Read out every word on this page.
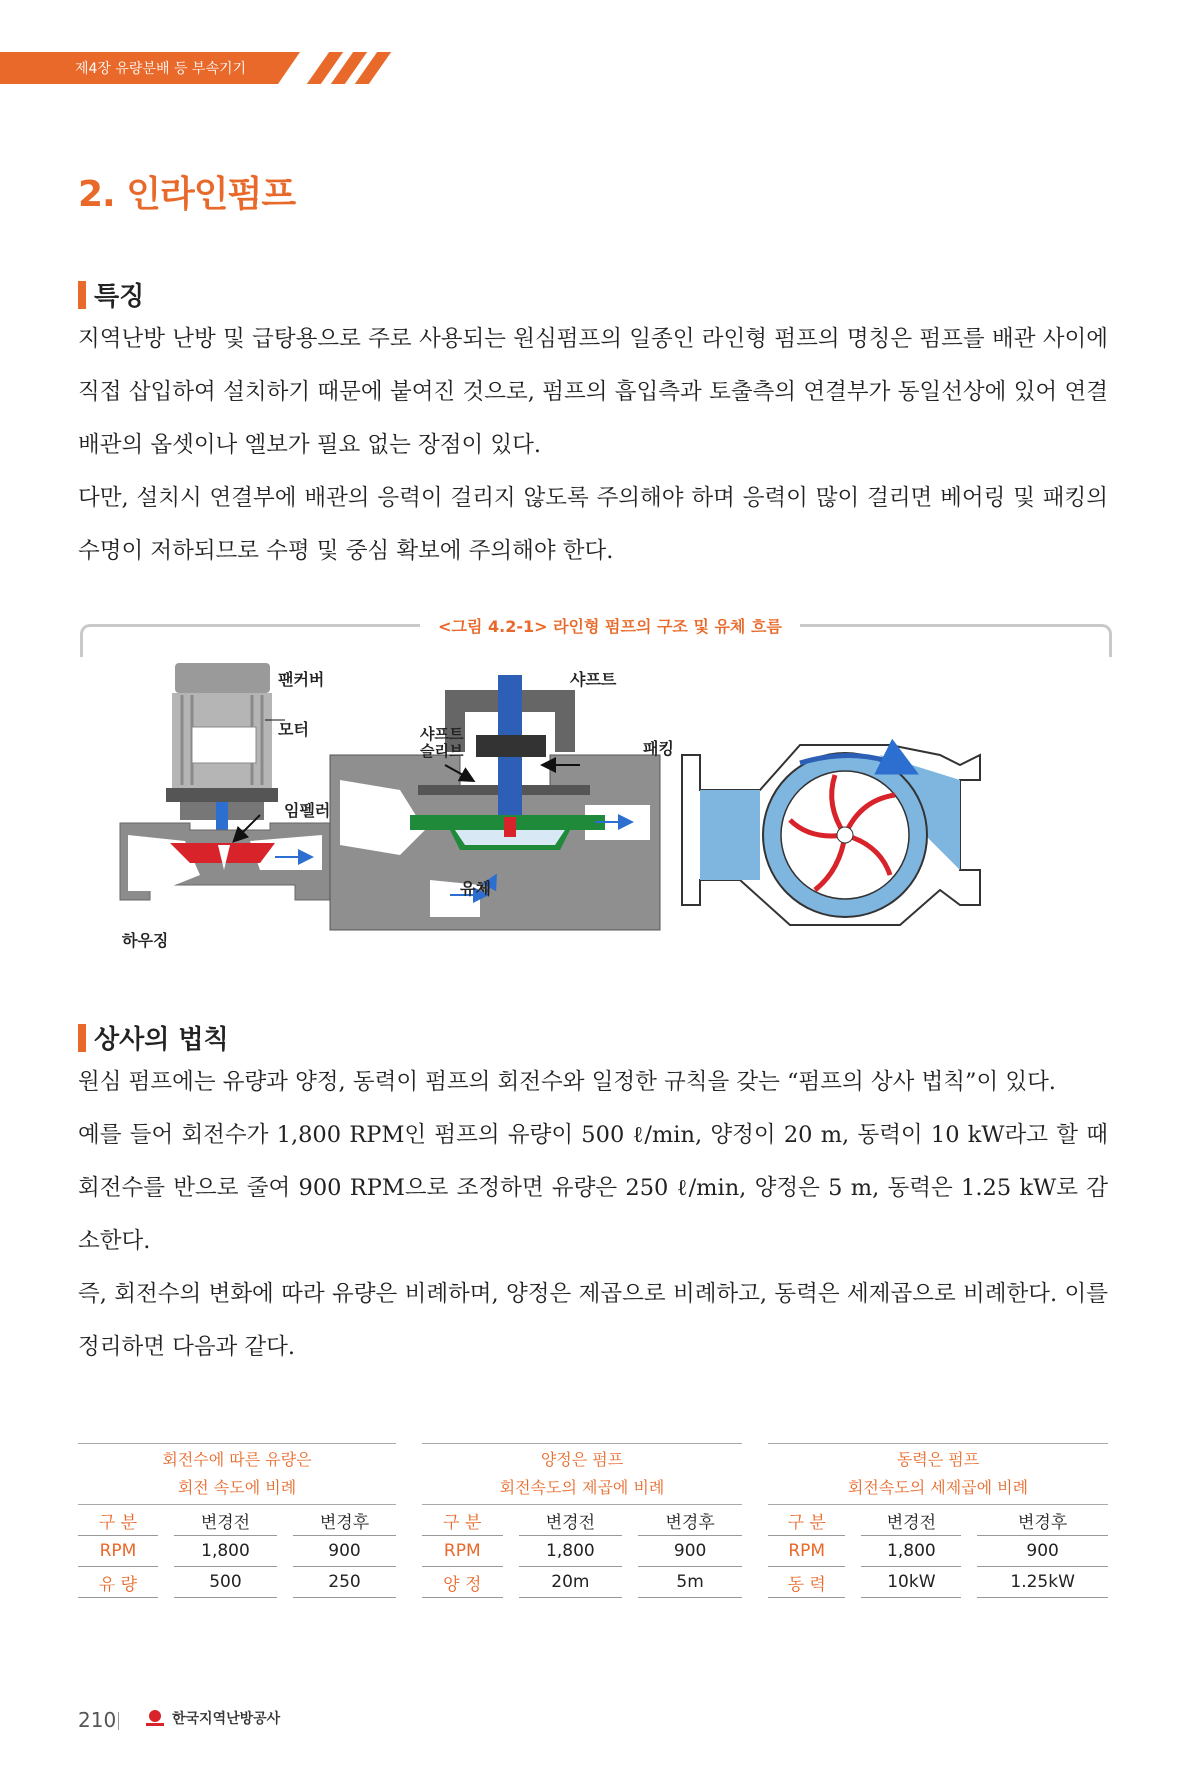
제4장 유량분배 등 부속기기
2. 인라인펌프
특징

지역난방 난방 및 급탕용으로 주로 사용되는 원심펌프의 일종인 라인형 펌프의 명칭은 펌프를 배관 사이에 직접 삽입하여 설치하기 때문에 붙여진 것으로, 펌프의 흡입측과 토출측의 연결부가 동일선상에 있어 연결배관의 옵셋이나 엘보가 필요 없는 장점이 있다.

다만, 설치시 연결부에 배관의 응력이 걸리지 않도록 주의해야 하며 응력이 많이 걸리면 베어링 및 패킹의 수명이 저하되므로 수평 및 중심 확보에 주의해야 한다.

<그림 4.2-1> 라인형 펌프의 구조 및 유체 흐름
팬커버
모터
임펠러
하우징
샤프트
샤프트
슬리브	패킹
유체
상사의 법칙

원심 펌프에는 유량과 양정, 동력이 펌프의 회전수와 일정한 규칙을 갖는 “펌프의 상사 법칙”이 있다.

예를 들어 회전수가 1,800 RPM인 펌프의 유량이 500 ℓ/min, 양정이 20 m, 동력이 10 kW라고 할 때 회전수를 반으로 줄여 900 RPM으로 조정하면 유량은 250 ℓ/min, 양정은 5 m, 동력은 1.25 kW로 감소한다.

즉, 회전수의 변화에 따라 유량은 비례하며, 양정은 제곱으로 비례하고, 동력은 세제곱으로 비례한다. 이를 정리하면 다음과 같다.

회전수에 따른 유량은
회전 속도에 비례
구 분		변경전		변경후
RPM		1,800		900
유 량		500		250
양정은 펌프
회전속도의 제곱에 비례
구 분		변경전		변경후
RPM		1,800		900
양 정		20m		5m
동력은 펌프
회전속도의 세제곱에 비례
구 분		변경전		변경후
RPM		1,800		900
동 력		10kW		1.25kW
210	한국지역난방공사
